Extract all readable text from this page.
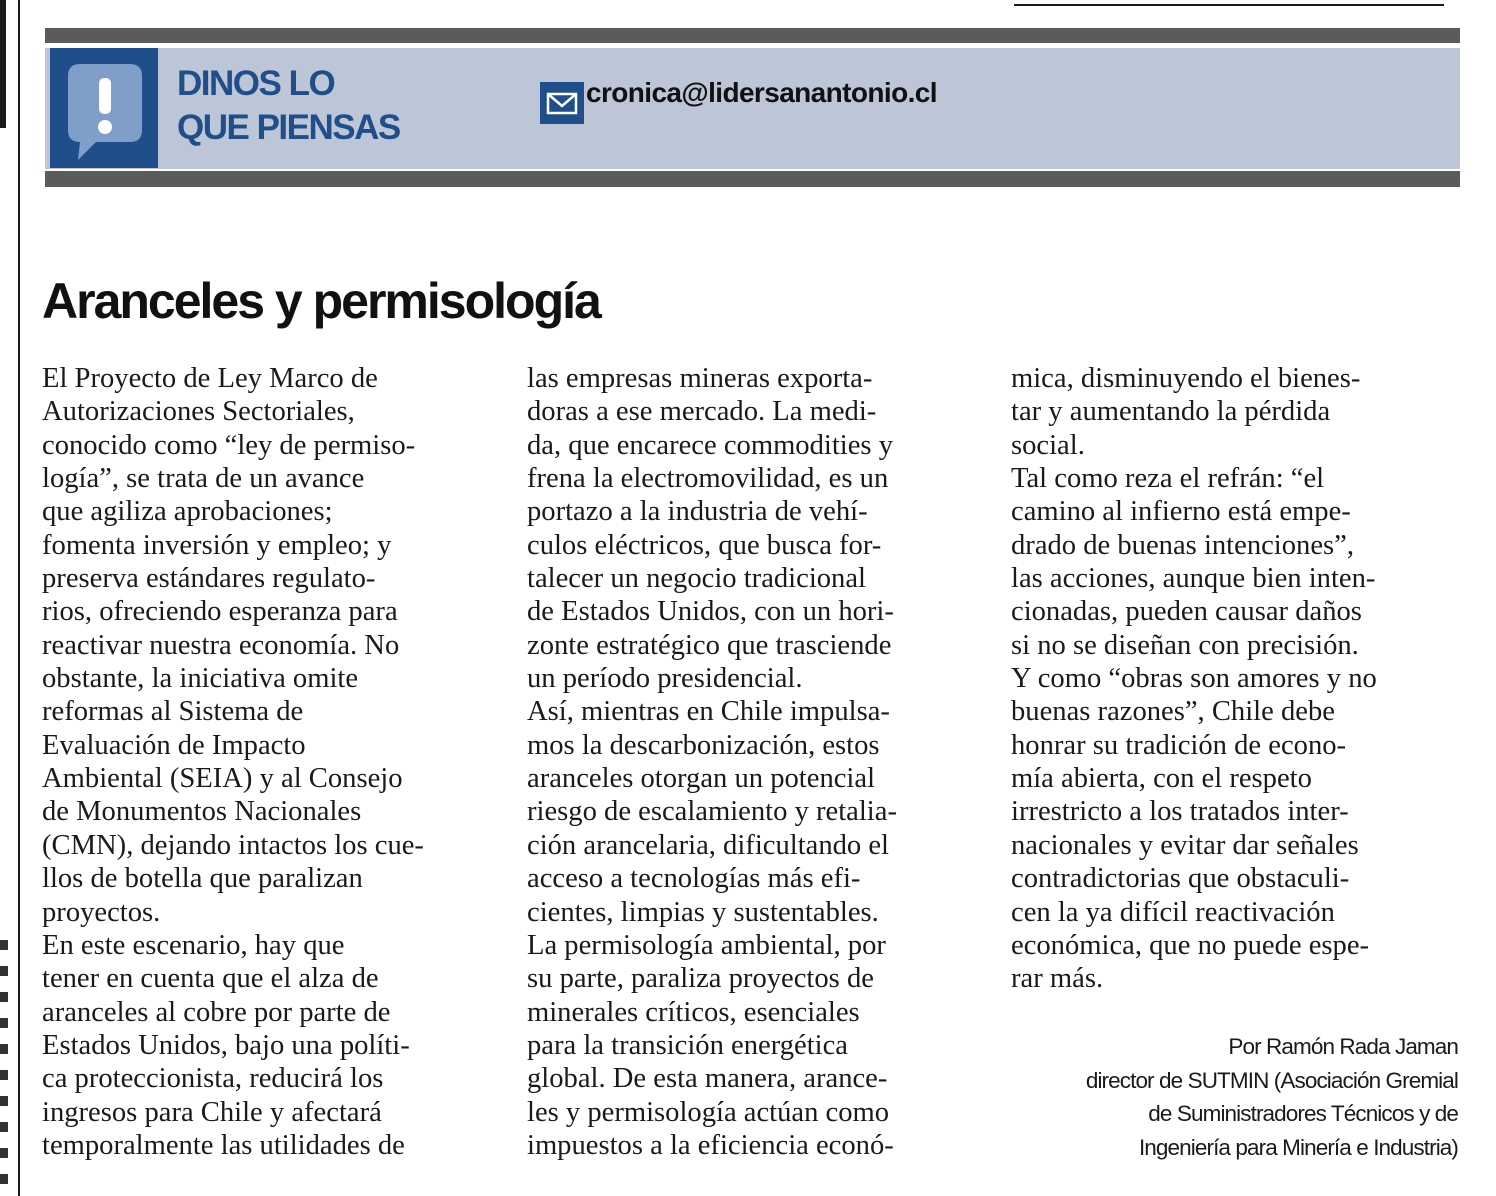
DINOS LO
QUE PIENSAS
cronica@lidersanantonio.cl
Aranceles y permisología
El Proyecto de Ley Marco de
Autorizaciones Sectoriales,
conocido como “ley de permiso-
logía”, se trata de un avance
que agiliza aprobaciones;
fomenta inversión y empleo; y
preserva estándares regulato-
rios, ofreciendo esperanza para
reactivar nuestra economía. No
obstante, la iniciativa omite
reformas al Sistema de
Evaluación de Impacto
Ambiental (SEIA) y al Consejo
de Monumentos Nacionales
(CMN), dejando intactos los cue-
llos de botella que paralizan
proyectos.
En este escenario, hay que
tener en cuenta que el alza de
aranceles al cobre por parte de
Estados Unidos, bajo una políti-
ca proteccionista, reducirá los
ingresos para Chile y afectará
temporalmente las utilidades de
las empresas mineras exporta-
doras a ese mercado. La medi-
da, que encarece commodities y
frena la electromovilidad, es un
portazo a la industria de vehí-
culos eléctricos, que busca for-
talecer un negocio tradicional
de Estados Unidos, con un hori-
zonte estratégico que trasciende
un período presidencial.
Así, mientras en Chile impulsa-
mos la descarbonización, estos
aranceles otorgan un potencial
riesgo de escalamiento y retalia-
ción arancelaria, dificultando el
acceso a tecnologías más efi-
cientes, limpias y sustentables.
La permisología ambiental, por
su parte, paraliza proyectos de
minerales críticos, esenciales
para la transición energética
global. De esta manera, arance-
les y permisología actúan como
impuestos a la eficiencia econó-
mica, disminuyendo el bienes-
tar y aumentando la pérdida
social.
Tal como reza el refrán: “el
camino al infierno está empe-
drado de buenas intenciones”,
las acciones, aunque bien inten-
cionadas, pueden causar daños
si no se diseñan con precisión.
Y como “obras son amores y no
buenas razones”, Chile debe
honrar su tradición de econo-
mía abierta, con el respeto
irrestricto a los tratados inter-
nacionales y evitar dar señales
contradictorias que obstaculi-
cen la ya difícil reactivación
económica, que no puede espe-
rar más.
Por Ramón Rada Jaman
director de SUTMIN (Asociación Gremial
de Suministradores Técnicos y de
Ingeniería para Minería e Industria)
